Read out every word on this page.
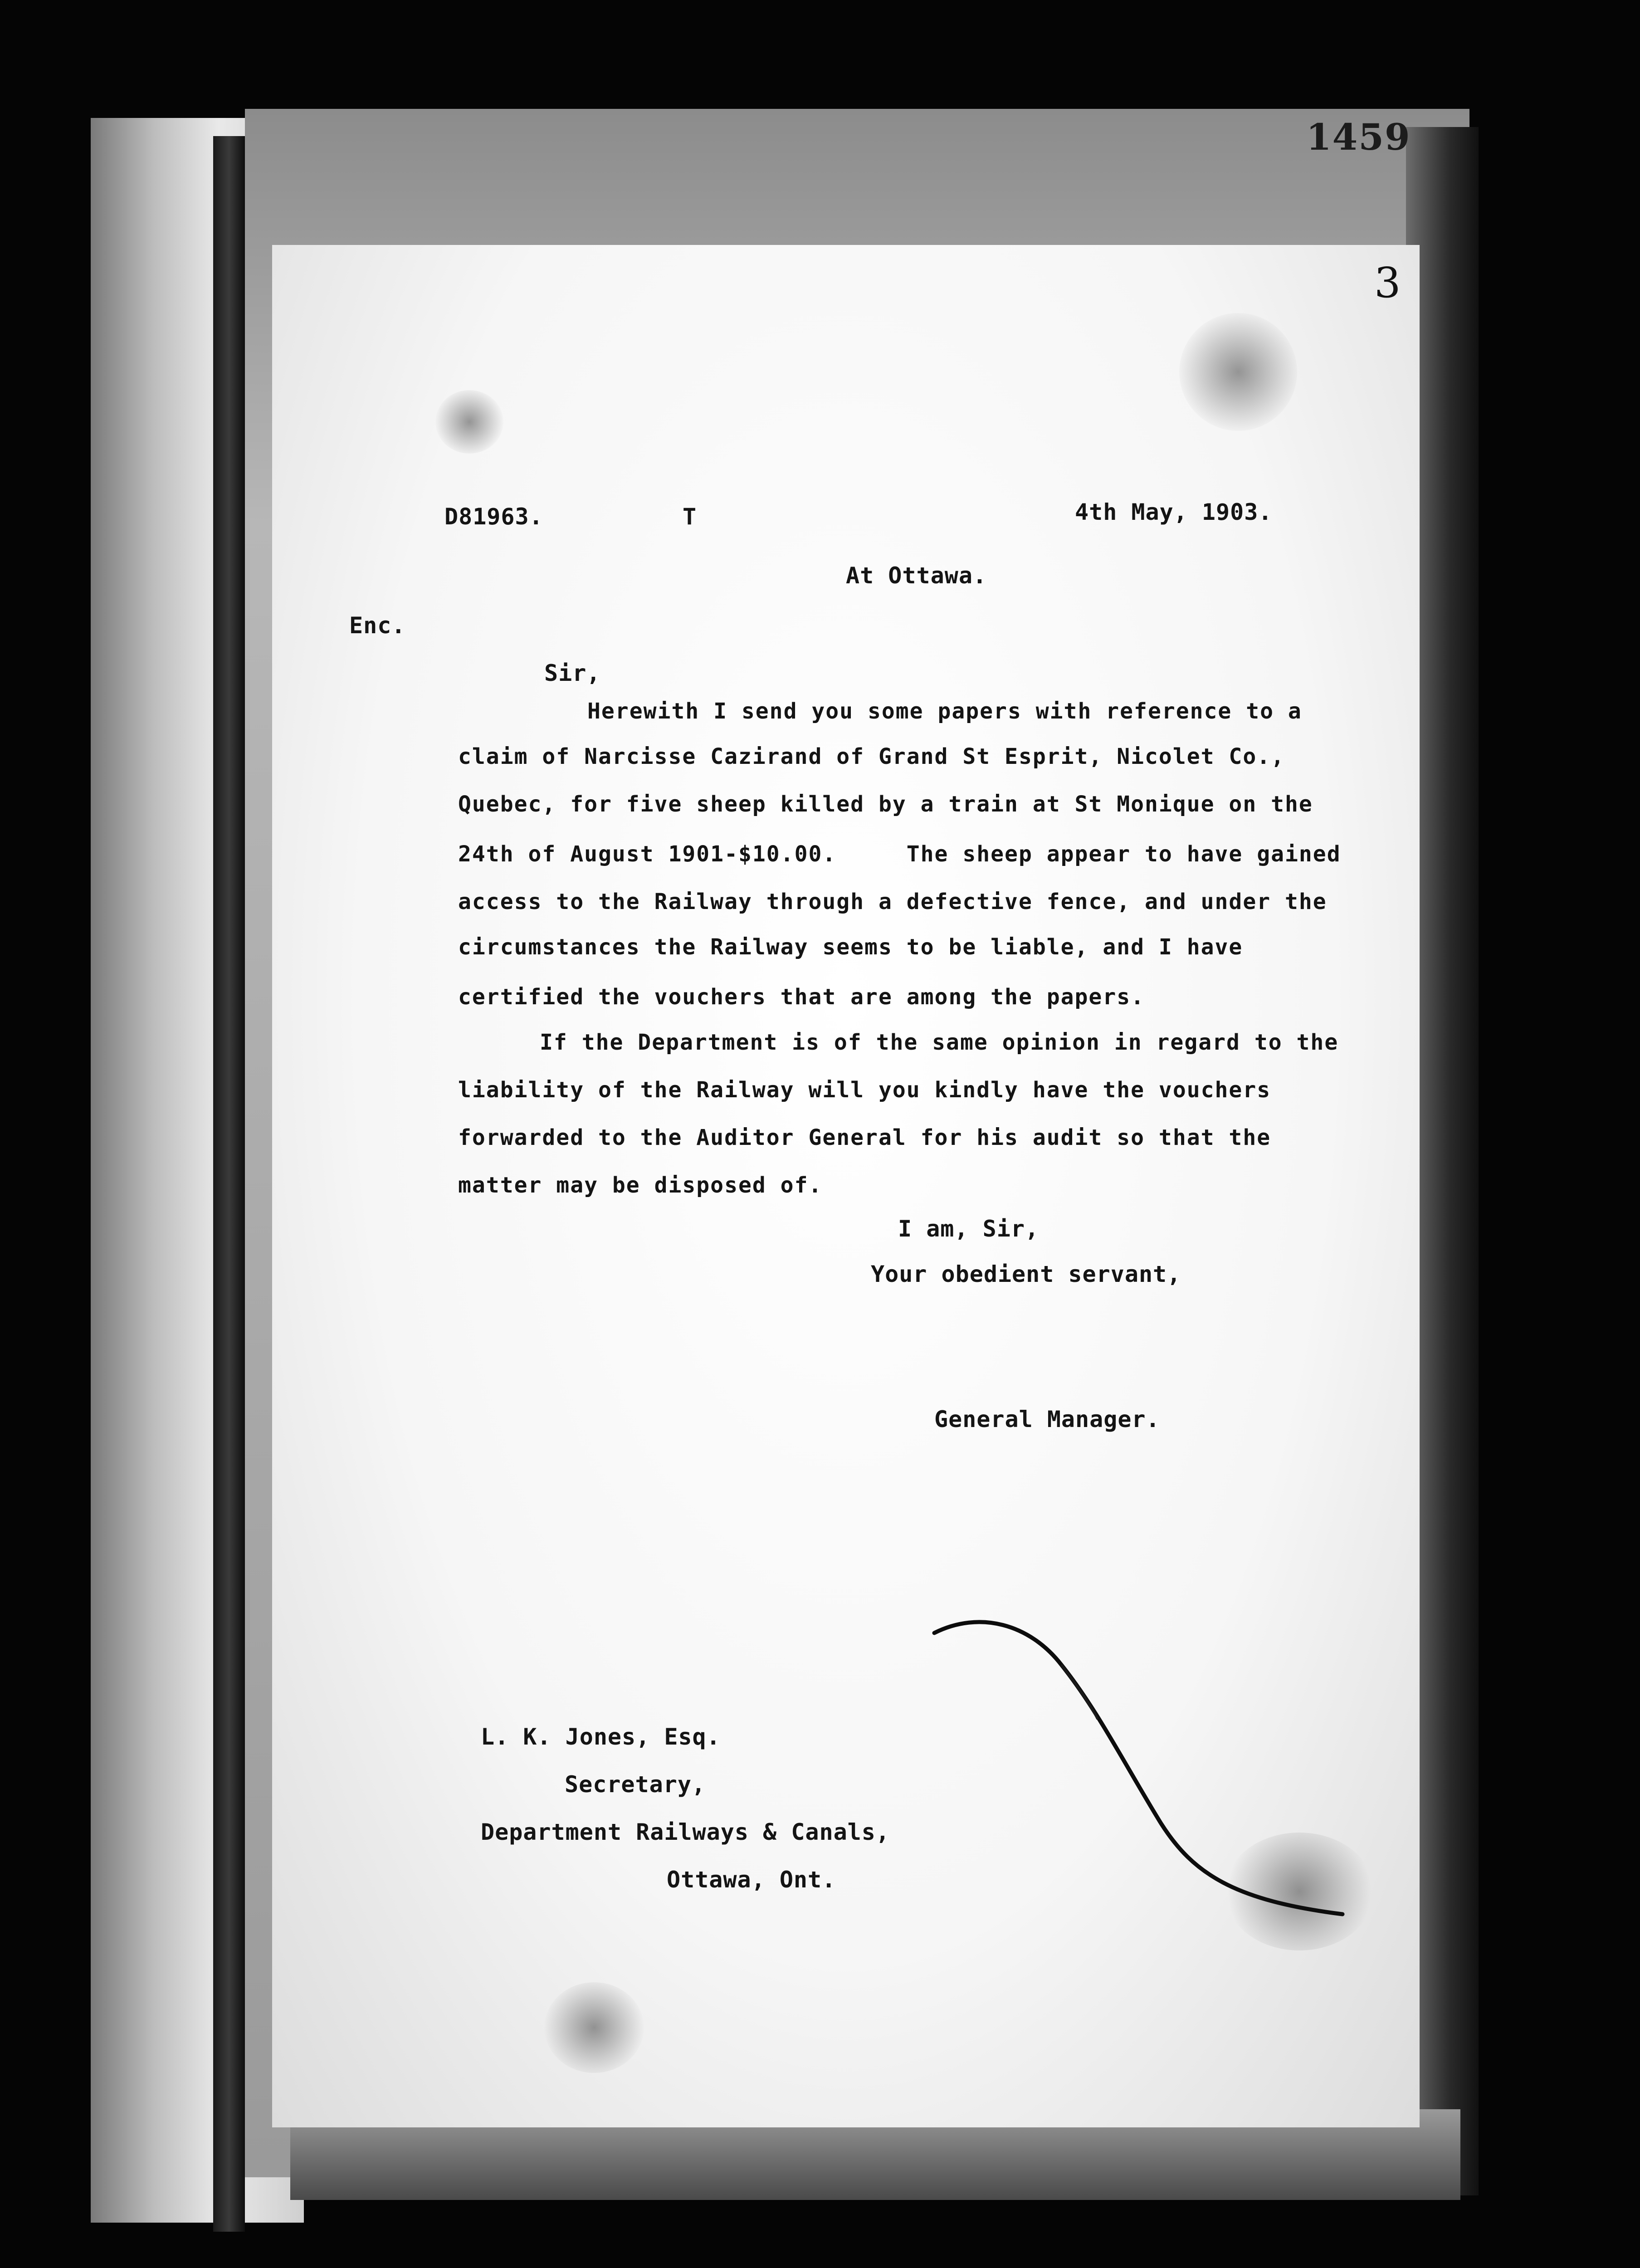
1459
3
D81963.	T	4th May, 1903.
At Ottawa.
Enc.
Sir,
Herewith I send you some papers with reference to a
claim of Narcisse Cazirand of Grand St Esprit, Nicolet Co.,
Quebec, for five sheep killed by a train at St Monique on the
24th of August 1901-$10.00.     The sheep appear to have gained
access to the Railway through a defective fence, and under the
circumstances the Railway seems to be liable, and I have
certified the vouchers that are among the papers.
If the Department is of the same opinion in regard to the
liability of the Railway will you kindly have the vouchers
forwarded to the Auditor General for his audit so that the
matter may be disposed of.
I am, Sir,
Your obedient servant,
General Manager.
L. K. Jones, Esq.
Secretary,
Department Railways & Canals,
Ottawa, Ont.
